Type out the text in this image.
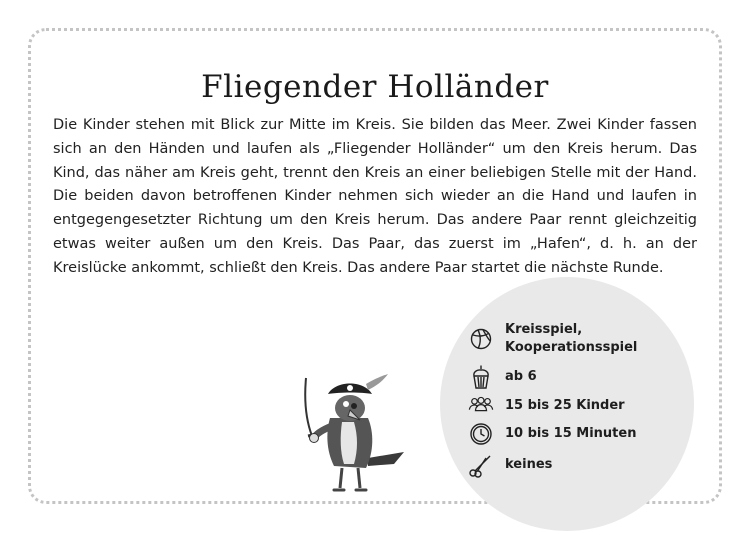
Fliegender Holländer

Die Kinder stehen mit Blick zur Mitte im Kreis. Sie bilden das Meer. Zwei Kinder fassen sich an den Händen und laufen als „Fliegender Holländer“ um den Kreis herum. Das Kind, das näher am Kreis geht, trennt den Kreis an einer beliebigen Stelle mit der Hand. Die beiden davon betroffenen Kinder nehmen sich wieder an die Hand und laufen in entgegengesetzter Richtung um den Kreis herum. Das andere Paar rennt gleichzeitig etwas weiter außen um den Kreis. Das Paar, das zuerst im „Hafen“, d. h. an der Kreislücke ankommt, schließt den Kreis. Das andere Paar startet die nächste Runde.

Kreisspiel,
Kooperationsspiel
ab 6
15 bis 25 Kinder
10 bis 15 Minuten
keines
